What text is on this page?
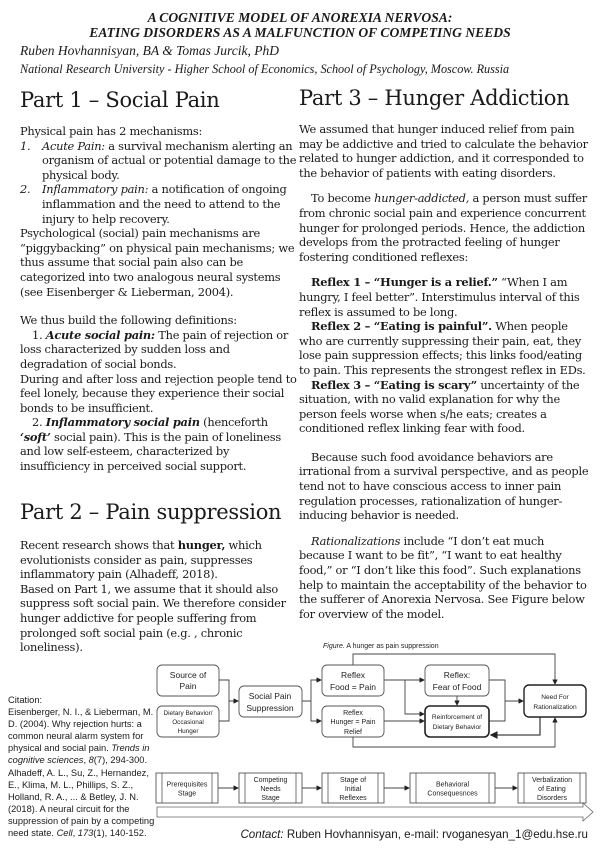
A COGNITIVE MODEL OF ANOREXIA NERVOSA:
EATING DISORDERS AS A MALFUNCTION OF COMPETING NEEDS
Ruben Hovhannisyan, BA & Tomas Jurcik, PhD
National Research University - Higher School of Economics, School of Psychology, Moscow. Russia
Part 1 – Social Pain

Physical pain has 2 mechanisms:

1. Acute Pain: a survival mechanism alerting an organism of actual or potential damage to the physical body.

2. Inflammatory pain: a notification of ongoing inflammation and the need to attend to the injury to help recovery.

Psychological (social) pain mechanisms are “piggybacking” on physical pain mechanisms; we thus assume that social pain also can be categorized into two analogous neural systems (see Eisenberger & Lieberman, 2004).

We thus build the following definitions:

1. Acute social pain: The pain of rejection or loss characterized by sudden loss and degradation of social bonds.

During and after loss and rejection people tend to feel lonely, because they experience their social bonds to be insufficient.

2. Inflammatory social pain (henceforth ‘soft’ social pain). This is the pain of loneliness and low self-esteem, characterized by insufficiency in perceived social support.

Part 2 – Pain suppression

Recent research shows that hunger, which evolutionists consider as pain, suppresses inflammatory pain (Alhadeff, 2018).

Based on Part 1, we assume that it should also suppress soft social pain. We therefore consider hunger addictive for people suffering from prolonged soft social pain (e.g. , chronic loneliness).

Part 3 – Hunger Addiction

We assumed that hunger induced relief from pain may be addictive and tried to calculate the behavior related to hunger addiction, and it corresponded to the behavior of patients with eating disorders.

To become hunger-addicted, a person must suffer from chronic social pain and experience concurrent hunger for prolonged periods. Hence, the addiction develops from the protracted feeling of hunger fostering conditioned reflexes:

Reflex 1 – “Hunger is a relief.” “When I am hungry, I feel better”. Interstimulus interval of this reflex is assumed to be long.

Reflex 2 – “Eating is painful”. When people who are currently suppressing their pain, eat, they lose pain suppression effects; this links food/eating to pain. This represents the strongest reflex in EDs.

Reflex 3 – “Eating is scary” uncertainty of the situation, with no valid explanation for why the person feels worse when s/he eats; creates a conditioned reflex linking fear with food.

Because such food avoidance behaviors are irrational from a survival perspective, and as people tend not to have conscious access to inner pain regulation processes, rationalization of hunger-inducing behavior is needed.

Rationalizations include “I don’t eat much because I want to be fit”, “I want to eat healthy food,” or “I don’t like this food”. Such explanations help to maintain the acceptability of the behavior to the sufferer of Anorexia Nervosa. See Figure below for overview of the model.

Citation:
Eisenberger, N. I., & Lieberman, M. D. (2004). Why rejection hurts: a common neural alarm system for physical and social pain. Trends in cognitive sciences, 8(7), 294-300.
Alhadeff, A. L., Su, Z., Hernandez, E., Klima, M. L., Phillips, S. Z., Holland, R. A., ... & Betley, J. N. (2018). A neural circuit for the suppression of pain by a competing need state. Cell, 173(1), 140-152.
Figure. A hunger as pain suppression
Source of
Pain
Dietary Behavior/
Occasional
Hunger
Social Pain
Suppression
Reflex
Food = Pain
Reflex
Hunger = Pain
Relief
Reflex:
Fear of Food
Reinforcement of
Dietary Behavior
Need For
Rationalization
Prerequisites
Stage
Competing
Needs
Stage
Stage of
Initial
Reflexes
Behavioral
Consequesnces
Verbalization
of Eating
Disorders
Contact: Ruben Hovhannisyan, e-mail: rvoganesyan_1@edu.hse.ru
